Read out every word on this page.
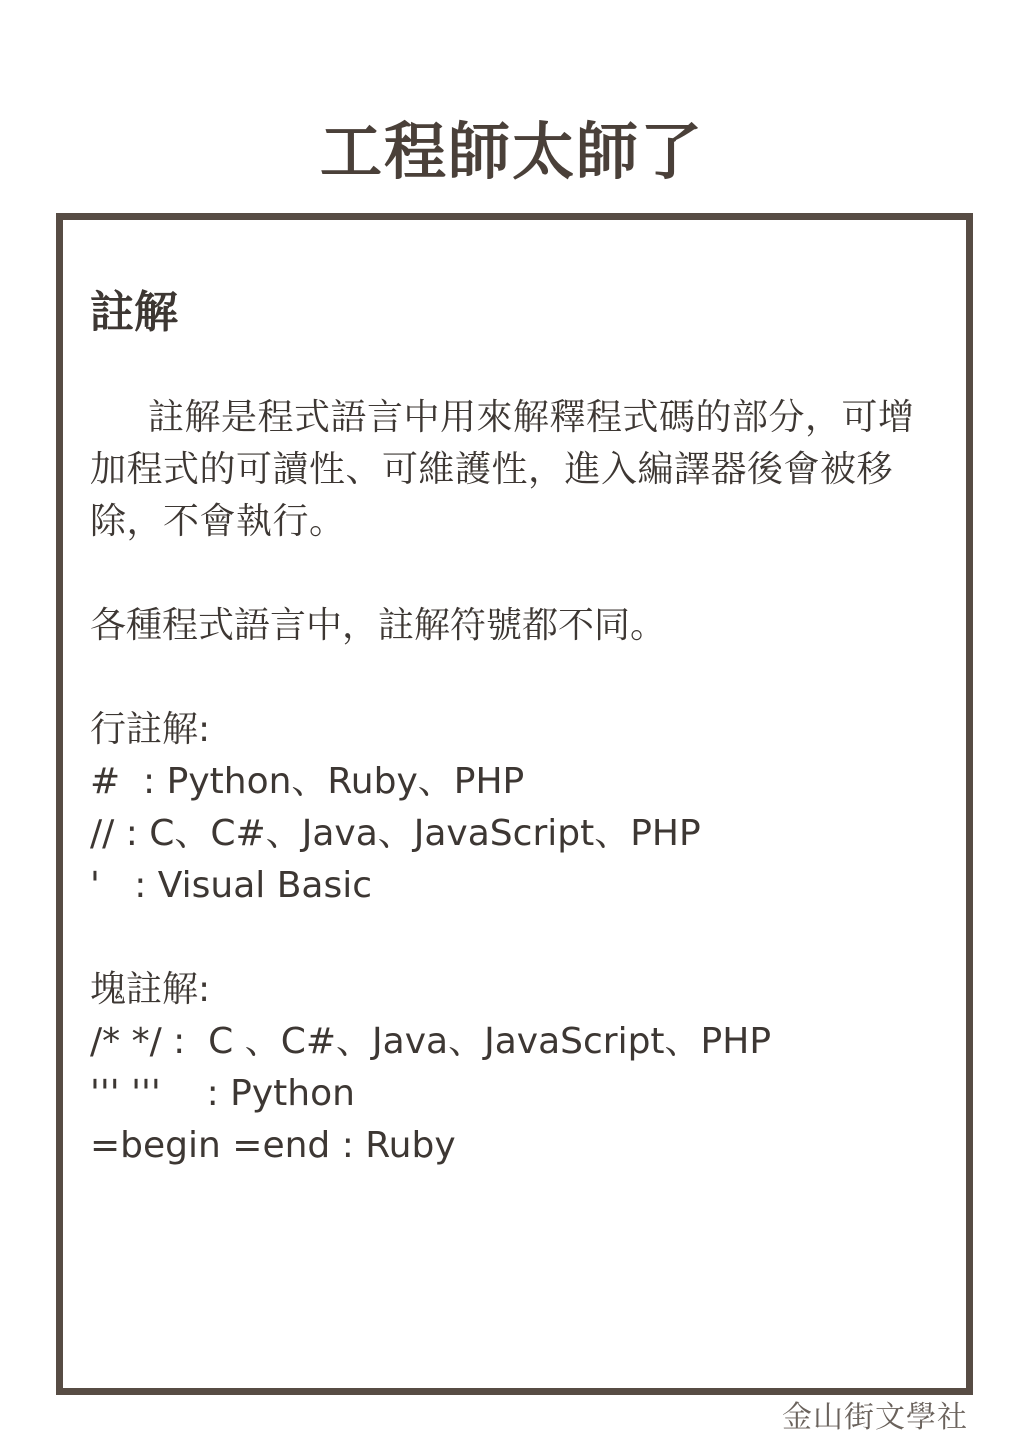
工程師太師了
註解

註解是程式語言中用來解釋程式碼的部分，可增加程式的可讀性、可維護性，進入編譯器後會被移除，不會執行。

各種程式語言中，註解符號都不同。

行註解:

#  : Python、Ruby、PHP

// : C、C#、Java、JavaScript、PHP

'   : Visual Basic

塊註解:

/* */ :  C 、C#、Java、JavaScript、PHP

''' '''    : Python

=begin =end : Ruby

金山街文學社
